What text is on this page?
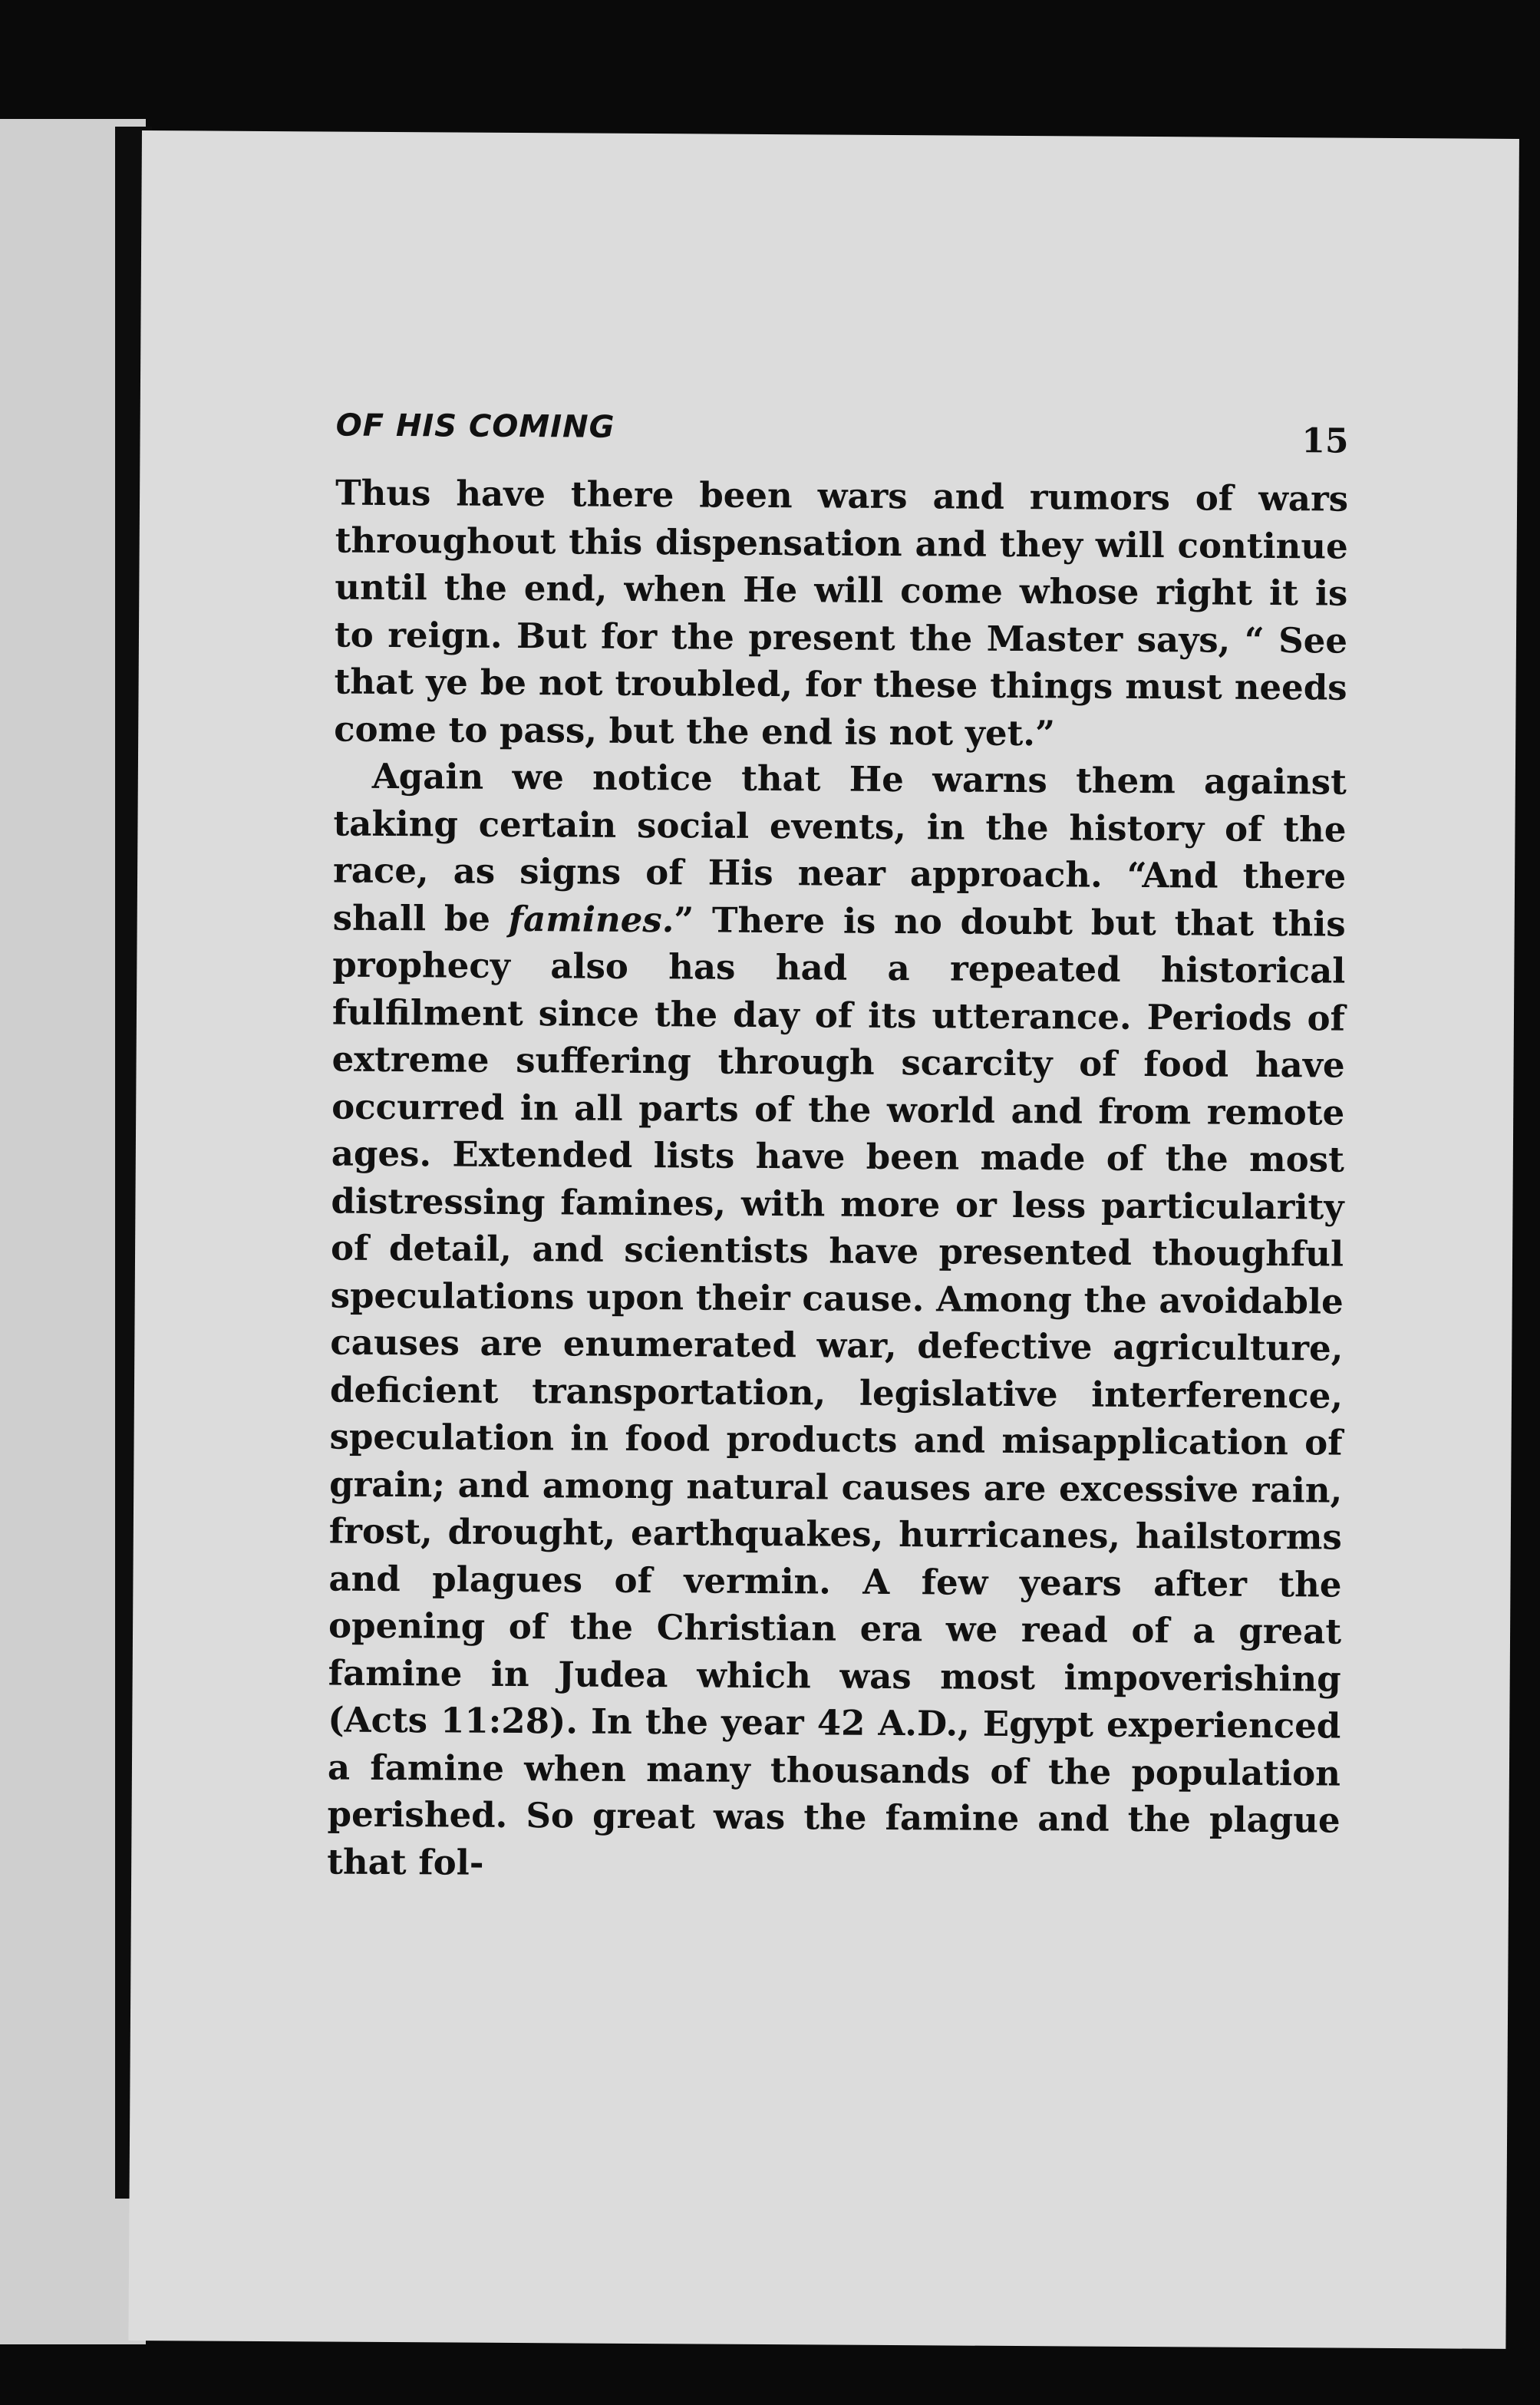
OF HIS COMING	15

Thus have there been wars and rumors of wars throughout this dispensation and they will continue until the end, when He will come whose right it is to reign. But for the present the Master says, “ See that ye be not troubled, for these things must needs come to pass, but the end is not yet.”

Again we notice that He warns them against taking certain social events, in the history of the race, as signs of His near approach. “And there shall be famines.” There is no doubt but that this prophecy also has had a repeated historical fulfilment since the day of its utterance. Periods of extreme suffering through scarcity of food have occurred in all parts of the world and from remote ages. Extended lists have been made of the most distressing famines, with more or less particularity of detail, and scientists have presented thoughful speculations upon their cause. Among the avoidable causes are enumerated war, defective agriculture, deficient transportation, legislative interference, speculation in food products and misapplication of grain; and among natural causes are excessive rain, frost, drought, earthquakes, hurricanes, hailstorms and plagues of vermin. A few years after the opening of the Christian era we read of a great famine in Judea which was most impoverishing (Acts 11:28). In the year 42 A.D., Egypt experienced a famine when many thousands of the population perished. So great was the famine and the plague that fol-
